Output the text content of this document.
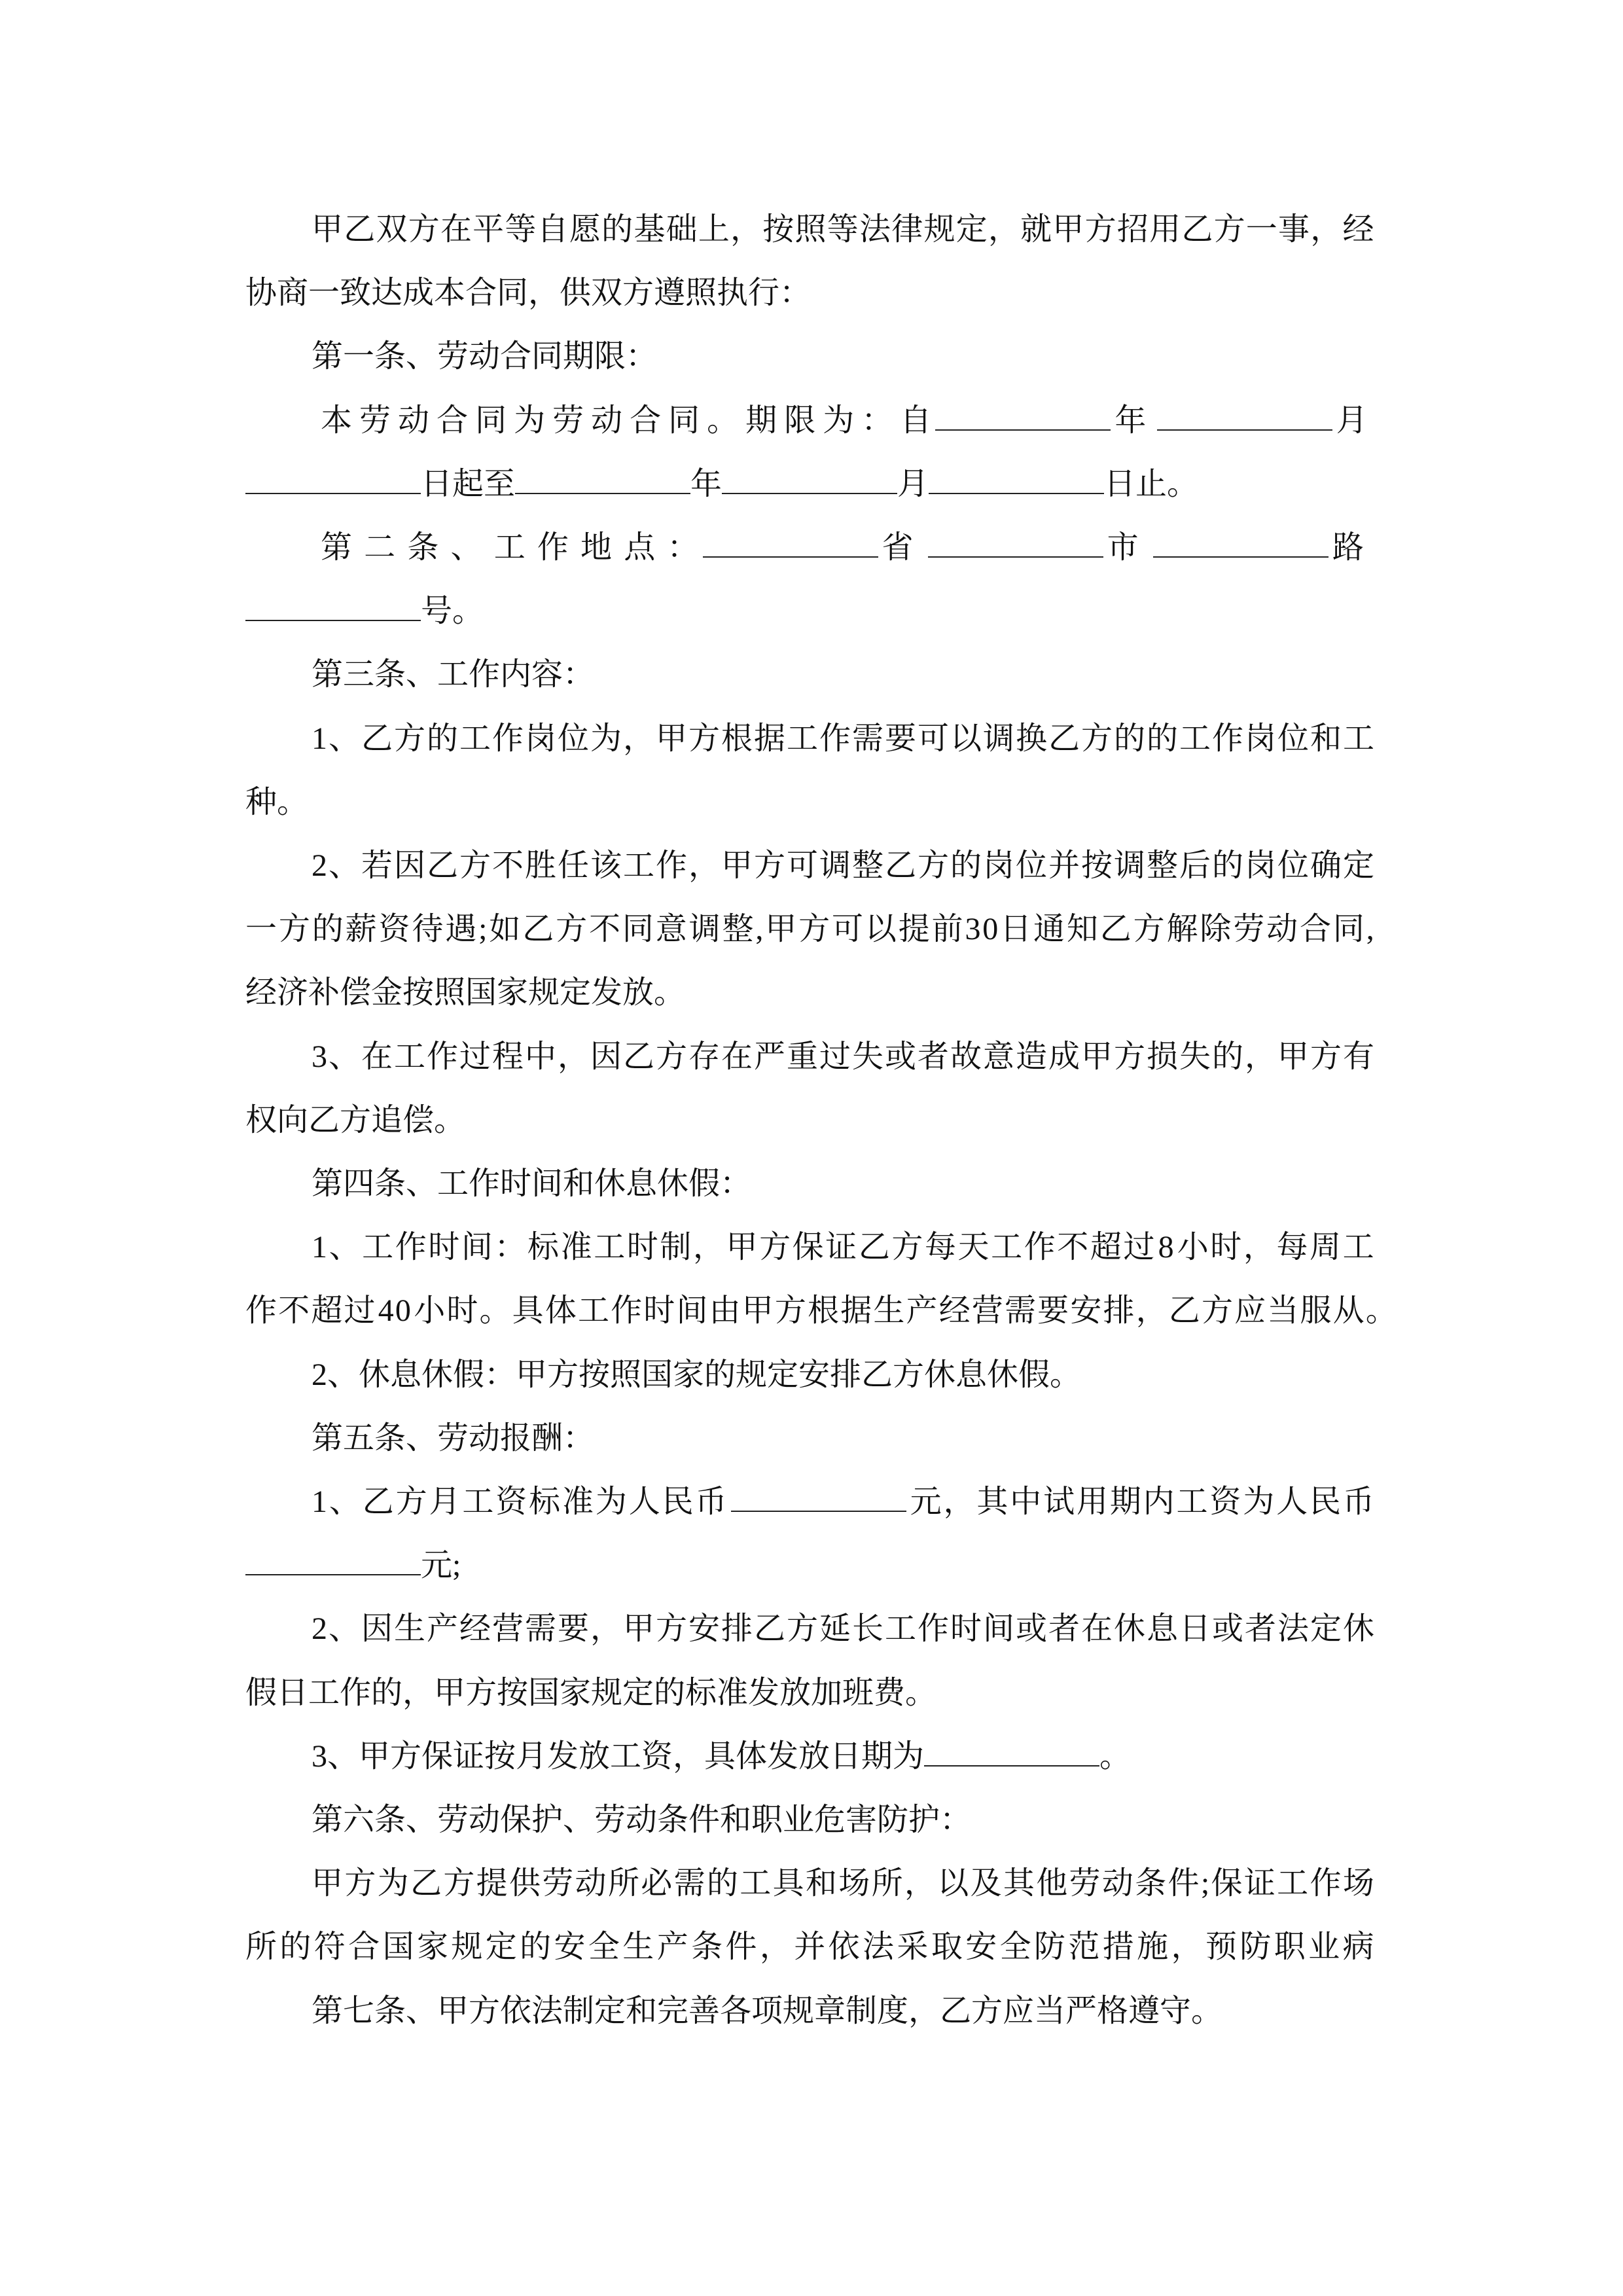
甲 乙 双 方 在 平 等 自 愿 的 基 础 上 ， 按 照 等 法 律 规 定 ， 就 甲 方 招 用 乙 方 一 事 ， 经
协商一致达成本合同，供双方遵照执行：
第一条、劳动合同期限：
本 劳 动 合 同 为 劳 动 合 同 。 期 限 为 ： 自	年	月
日起至	年	月	日止。
第 二 条 、 工 作 地 点 ：	省	市	路
号。
第三条、工作内容：
1 、 乙 方 的 工 作 岗 位 为 ， 甲 方 根 据 工 作 需 要 可 以 调 换 乙 方 的 的 工 作 岗 位 和 工
种。
2 、 若 因 乙 方 不 胜 任 该 工 作 ， 甲 方 可 调 整 乙 方 的 岗 位 并 按 调 整 后 的 岗 位 确 定
一 方 的 薪 资 待 遇 ; 如 乙 方 不 同 意 调 整 , 甲 方 可 以 提 前 3 0 日 通 知 乙 方 解 除 劳 动 合 同 ,
经济补偿金按照国家规定发放。
3 、 在 工 作 过 程 中 ， 因 乙 方 存 在 严 重 过 失 或 者 故 意 造 成 甲 方 损 失 的 ， 甲 方 有
权向乙方追偿。
第四条、工作时间和休息休假：
1 、 工 作 时 间 ： 标 准 工 时 制 ， 甲 方 保 证 乙 方 每 天 工 作 不 超 过 8 小 时 ， 每 周 工
作 不 超 过 4 0 小 时 。 具 体 工 作 时 间 由 甲 方 根 据 生 产 经 营 需 要 安 排 ， 乙 方 应 当 服 从 。
2、休息休假：甲方按照国家的规定安排乙方休息休假。
第五条、劳动报酬：
1 、 乙 方 月 工 资 标 准 为 人 民 币	元 ， 其 中 试 用 期 内 工 资 为 人 民 币
元;
2 、 因 生 产 经 营 需 要 ， 甲 方 安 排 乙 方 延 长 工 作 时 间 或 者 在 休 息 日 或 者 法 定 休
假日工作的，甲方按国家规定的标准发放加班费。
3、甲方保证按月发放工资，具体发放日期为	。
第六条、劳动保护、劳动条件和职业危害防护：
甲 方 为 乙 方 提 供 劳 动 所 必 需 的 工 具 和 场 所 ， 以 及 其 他 劳 动 条 件 ; 保 证 工 作 场
所 的 符 合 国 家 规 定 的 安 全 生 产 条 件 ， 并 依 法 采 取 安 全 防 范 措 施 ， 预 防 职 业 病
第七条、甲方依法制定和完善各项规章制度，乙方应当严格遵守。
